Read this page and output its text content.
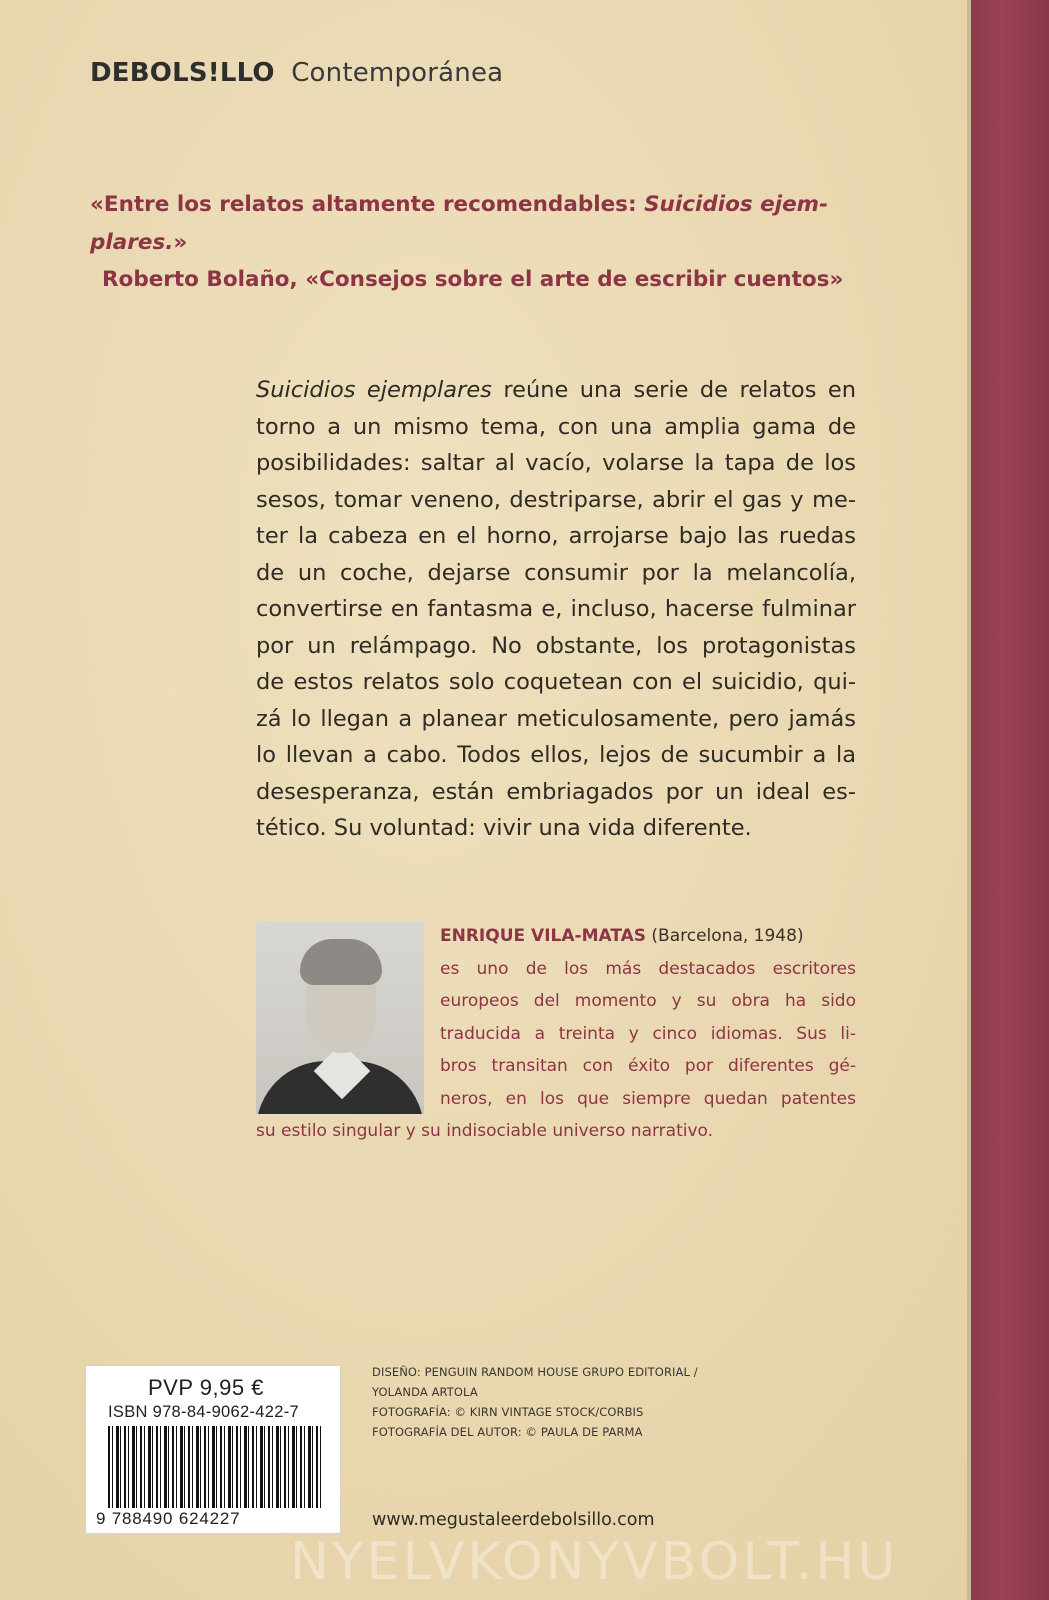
DEBOLS!LLO Contemporánea
«Entre los relatos altamente recomendables: Suicidios ejem-
plares.»
Roberto Bolaño, «Consejos sobre el arte de escribir cuentos»
Suicidios ejemplares reúne una serie de relatos en
torno a un mismo tema, con una amplia gama de
posibilidades: saltar al vacío, volarse la tapa de los
sesos, tomar veneno, destriparse, abrir el gas y me-
ter la cabeza en el horno, arrojarse bajo las ruedas
de un coche, dejarse consumir por la melancolía,
convertirse en fantasma e, incluso, hacerse fulminar
por un relámpago. No obstante, los protagonistas
de estos relatos solo coquetean con el suicidio, qui-
zá lo llegan a planear meticulosamente, pero jamás
lo llevan a cabo. Todos ellos, lejos de sucumbir a la
desesperanza, están embriagados por un ideal es-
tético. Su voluntad: vivir una vida diferente.
ENRIQUE VILA-MATAS (Barcelona, 1948)
es uno de los más destacados escritores
europeos del momento y su obra ha sido
traducida a treinta y cinco idiomas. Sus li-
bros transitan con éxito por diferentes gé-
neros, en los que siempre quedan patentes
su estilo singular y su indisociable universo narrativo.
PVP 9,95 €
ISBN 978-84-9062-422-7
9 788490 624227
DISEÑO: PENGUIN RANDOM HOUSE GRUPO EDITORIAL /
YOLANDA ARTOLA
FOTOGRAFÍA: © KIRN VINTAGE STOCK/CORBIS
FOTOGRAFÍA DEL AUTOR: © PAULA DE PARMA
www.megustaleerdebolsillo.com
NYELVKONYVBOLT.HU
